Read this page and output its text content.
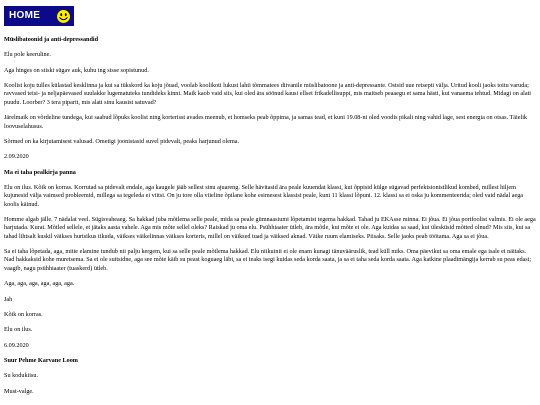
HOME
Müslibatoonid ja anti-depressandid

Elu pole keeruline.

Aga hinges on siiski sügav auk, kuhu ing sisse sopistunud.

Koolist koju tulles külastad kesklinna ja kui sa tükskord ka koju jõuad, voolab koolikoti lukust lahti tõmmatees diivanile müslibatoone ja anti-depressante. Ostsid uue retsepti välja. Uritud kooli jaoks toitu varuda; ravvased teisi- ja neljapäevased suulakke lugematuteks tundideks kinni. Maik kaob vaid siis, kui oled ära söönud kausi ellset frikadellisuppi, mis maitseb peaaegu et sama hästi, kui vanaema tehtud. Midagi on alati puudu. Loorber? 3 tera piparit, mis alati sinu kausist satuvad?

Järelmaik on võrdeline tundega, kui saabud lõpuks koolist ning korterisst avades meenub, et homseks peab õppima, ja samas tead, et kuni 19.08-ni oled voodis pikali ning vahid lage, sest energia on otsas. Täielik loovuselahusus.

Sõrmed on ka kirjutamisest valusad. Ometigi joonistasid suvel pidevalt, peaks harjunud olema.

2.09.2020

Ma ei taha pealkirja panna

Elu on ilus. Kõik on korras. Korrutad sa pidevalt endale, aga kaugele jääb sellest sinu ajuareng. Selle hävitasid ära peale kuuendat klassi, kui õppisid külge sügavad perfektsionistlikud kombed, millest hiljem kujunesid välja vaimsed probleemid, millega sa tegeleda ei viitsi. On ju tore olla viieline õpilane kohe esimesest klassist peale, kuni 11 klassi lõpuni. 12. klassi sa ei oska ju kommenteerida; oled vaid nädal aega koolis käinud.

Homme algab jälle. 7 nädalat veel. Sügisvaheaeg. Sa hakkad juba mõtlema selle peale, mida sa peale gümnaasiumi lõpetamist tegema hakkad. Tahad ju EKAsse minna. Ei jõua. Ei jõua portfoolist valmis. Ei ole aega harjutada. Kurat. Mõtled sellele, et jätaks aasta vahele. Aga mis mõte sellel oleks? Raiskad ju oma elu. Psühhiaater ütleb, ära mõtle, kui mõte ei ole. Aga kuidas sa saad, kui ülesküsid mõtted olnud? Mis siis, kui sa tahad lihtsalt kuskil väikses hurtsikus tikuda, väikses väikelinnas väikses korteris, millel on väiksed tuad ja väiksed aknad. Väike ruum elamiseks. Piisaks. Selle jaoks peab töötama. Aga sa ei jõua.

Sa ei taha lõpetada, aga, mitte elamine tundub nii palju kergem, kui sa selle peale mõtlema hakkad. Elu niikuinii ei ole enam kunagi tänuvääruslik, tead küll miks. Oma päevikut sa oma emale ega isale ei näitaks. Nad hakkaksid kohe muretsema. Sa ei ole suitsidne, aga see mõte käib su peast koguaeg läbi, sa ei teaks isegi kuidas seda korda saata, ja sa ei taha seda korda saata. Aga katkine plaadimängija kerrab su peas edasi; vaagib, nagu psühhiaater (tuaskerd) ütleb.

Aga, aga, aga, aga, aga, aga.

Jah

Kõik on korras.

Elu on ilus.

6.09.2020

Suur Pehme Karvane Loom

Su kodukiisu.

Must-valge.
